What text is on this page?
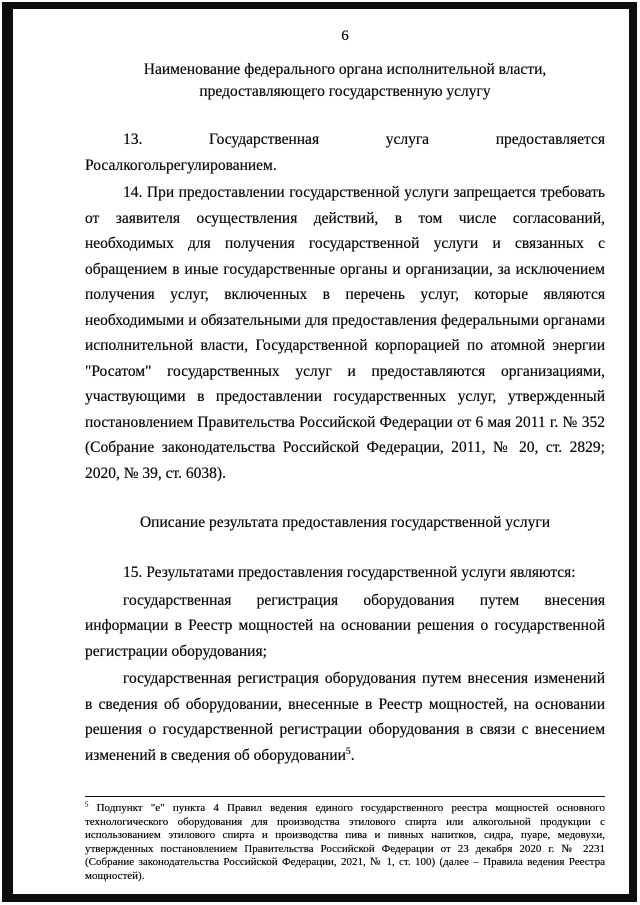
6
Наименование федерального органа исполнительной власти, предоставляющего государственную услугу

13. Государственная услуга предоставляется Росалкогольрегулированием.

14. При предоставлении государственной услуги запрещается требовать от заявителя осуществления действий, в том числе согласований, необходимых для получения государственной услуги и связанных с обращением в иные государственные органы и организации, за исключением получения услуг, включенных в перечень услуг, которые являются необходимыми и обязательными для предоставления федеральными органами исполнительной власти, Государственной корпорацией по атомной энергии "Росатом" государственных услуг и предоставляются организациями, участвующими в предоставлении государственных услуг, утвержденный постановлением Правительства Российской Федерации от 6 мая 2011 г. № 352 (Собрание законодательства Российской Федерации, 2011, № 20, ст. 2829; 2020, № 39, ст. 6038).

Описание результата предоставления государственной услуги

15. Результатами предоставления государственной услуги являются:

государственная регистрация оборудования путем внесения информации в Реестр мощностей на основании решения о государственной регистрации оборудования;

государственная регистрация оборудования путем внесения изменений в сведения об оборудовании, внесенные в Реестр мощностей, на основании решения о государственной регистрации оборудования в связи с внесением изменений в сведения об оборудовании$^5$.

$^5$ Подпункт "е" пункта 4 Правил ведения единого государственного реестра мощностей основного технологического оборудования для производства этилового спирта или алкогольной продукции с использованием этилового спирта и производства пива и пивных напитков, сидра, пуаре, медовухи, утвержденных постановлением Правительства Российской Федерации от 23 декабря 2020 г. № 2231 (Собрание законодательства Российской Федерации, 2021, № 1, ст. 100) (далее – Правила ведения Реестра мощностей).
